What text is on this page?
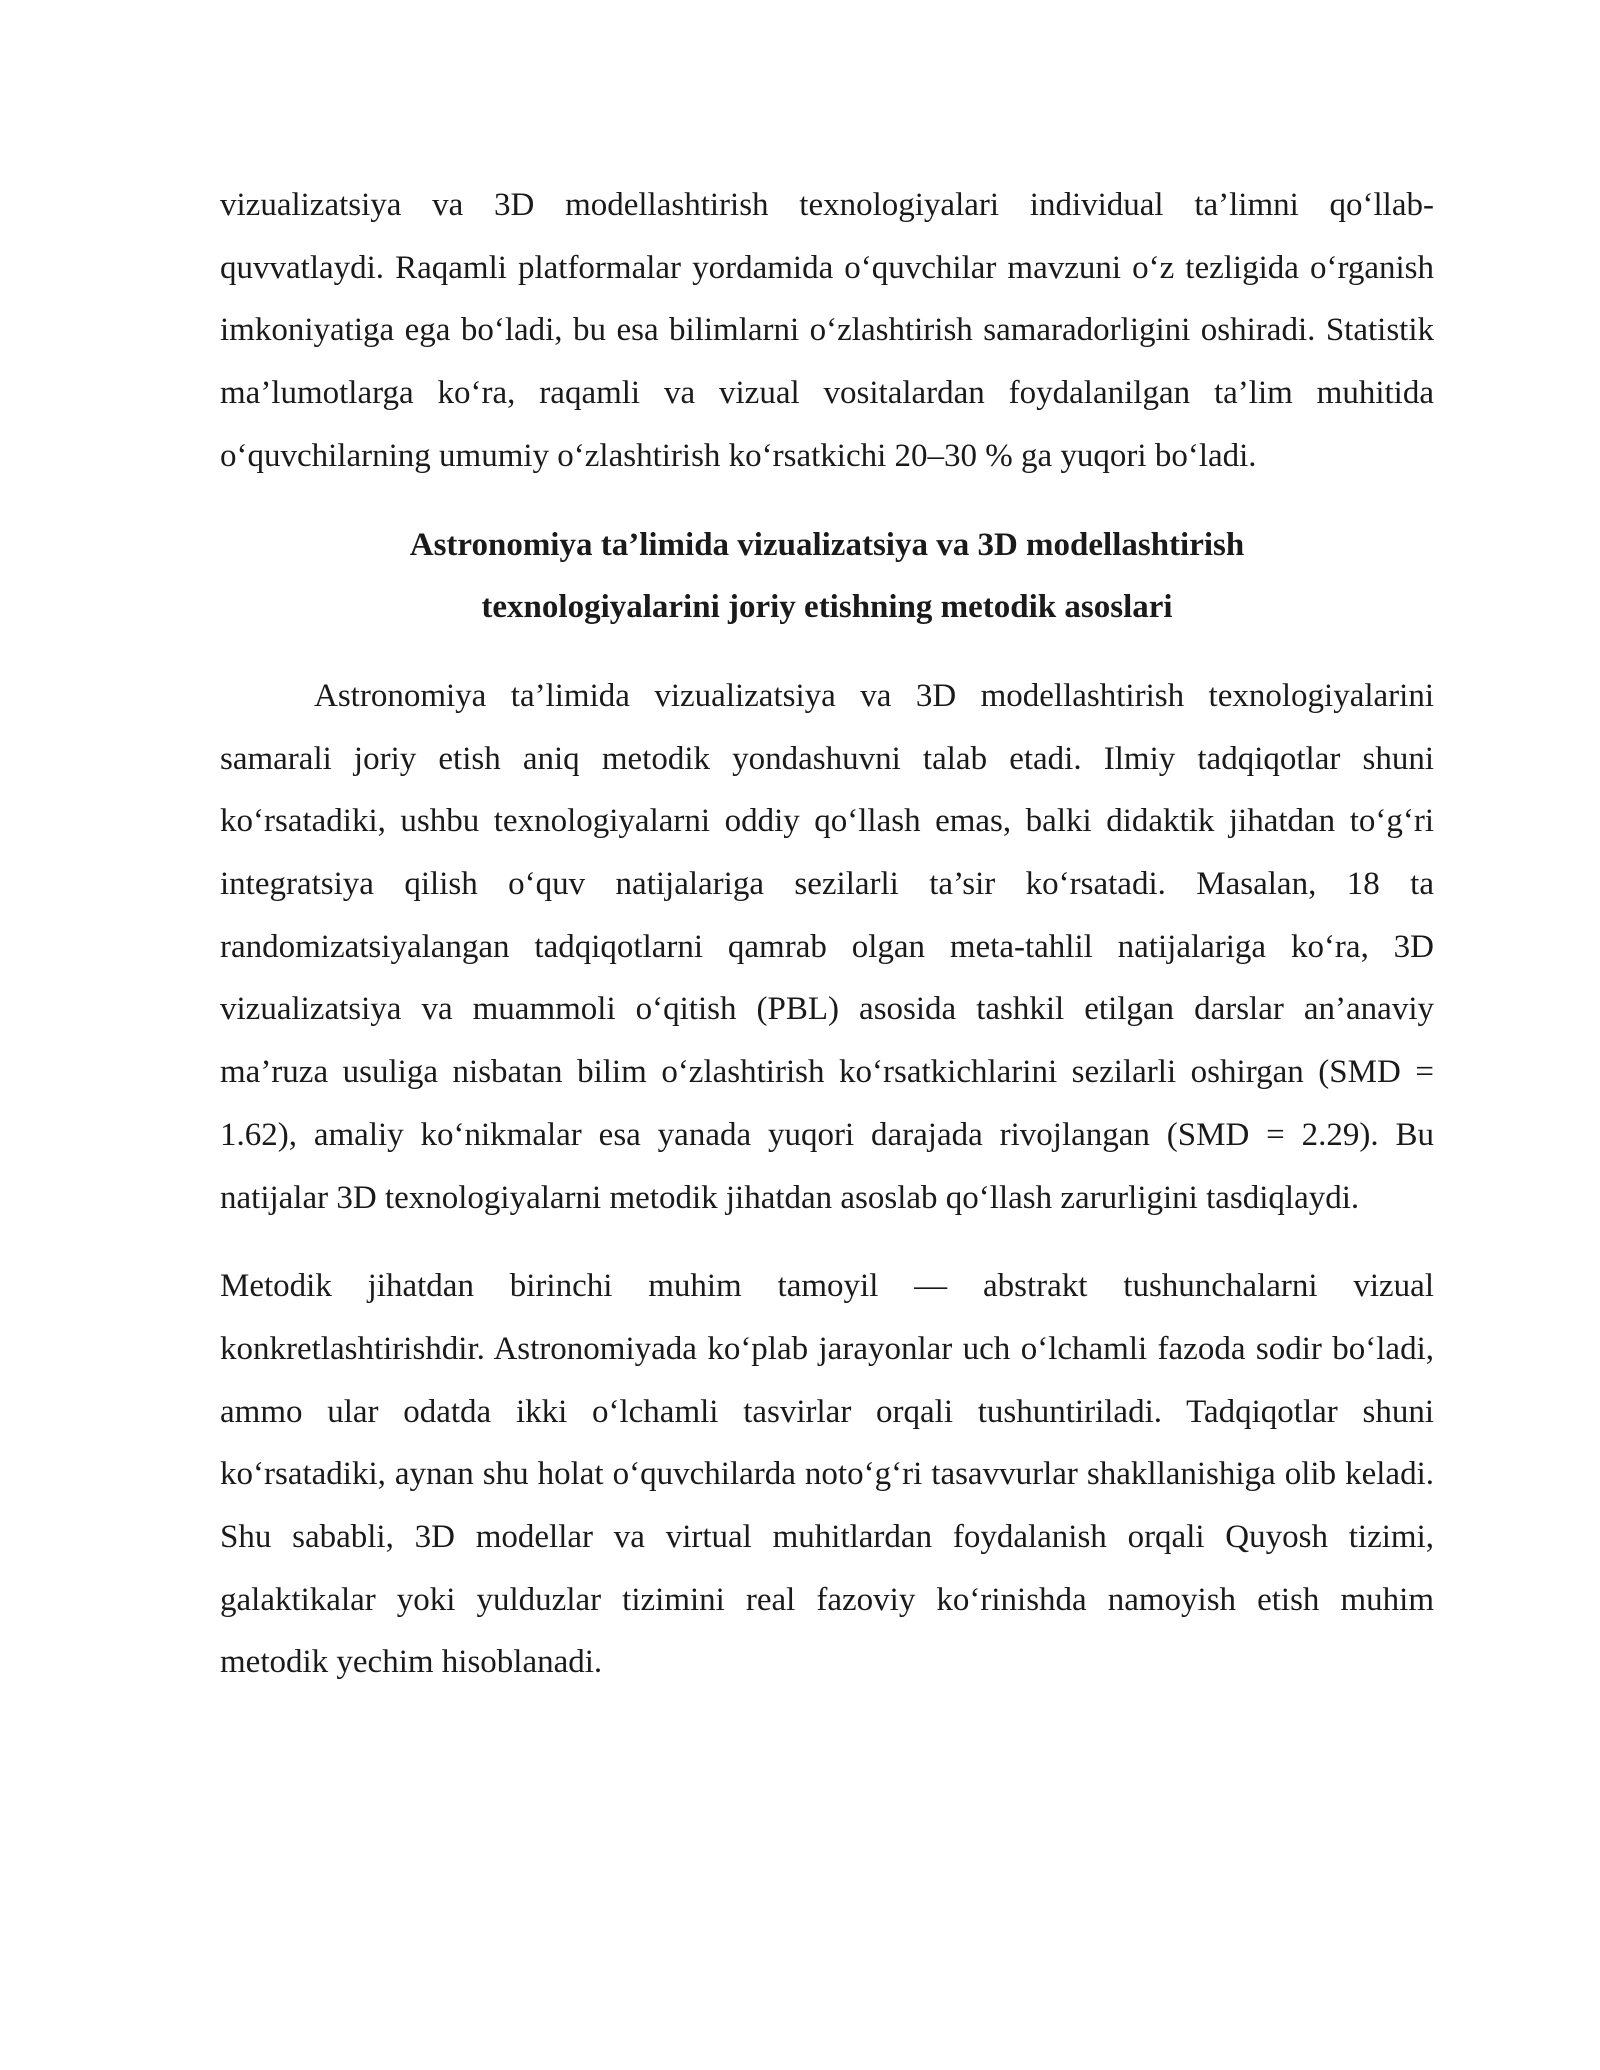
vizualizatsiya va 3D modellashtirish texnologiyalari individual ta’limni qo‘llab-quvvatlaydi. Raqamli platformalar yordamida o‘quvchilar mavzuni o‘z tezligida o‘rganish imkoniyatiga ega bo‘ladi, bu esa bilimlarni o‘zlashtirish samaradorligini oshiradi. Statistik ma’lumotlarga ko‘ra, raqamli va vizual vositalardan foydalanilgan ta’lim muhitida o‘quvchilarning umumiy o‘zlashtirish ko‘rsatkichi 20–30 % ga yuqori bo‘ladi.

Astronomiya ta’limida vizualizatsiya va 3D modellashtirish
texnologiyalarini joriy etishning metodik asoslari

Astronomiya ta’limida vizualizatsiya va 3D modellashtirish texnologiyalarini samarali joriy etish aniq metodik yondashuvni talab etadi. Ilmiy tadqiqotlar shuni ko‘rsatadiki, ushbu texnologiyalarni oddiy qo‘llash emas, balki didaktik jihatdan to‘g‘ri integratsiya qilish o‘quv natijalariga sezilarli ta’sir ko‘rsatadi. Masalan, 18 ta randomizatsiyalangan tadqiqotlarni qamrab olgan meta-tahlil natijalariga ko‘ra, 3D vizualizatsiya va muammoli o‘qitish (PBL) asosida tashkil etilgan darslar an’anaviy ma’ruza usuliga nisbatan bilim o‘zlashtirish ko‘rsatkichlarini sezilarli oshirgan (SMD = 1.62), amaliy ko‘nikmalar esa yanada yuqori darajada rivojlangan (SMD = 2.29). Bu natijalar 3D texnologiyalarni metodik jihatdan asoslab qo‘llash zarurligini tasdiqlaydi.

Metodik jihatdan birinchi muhim tamoyil — abstrakt tushunchalarni vizual konkretlashtirishdir. Astronomiyada ko‘plab jarayonlar uch o‘lchamli fazoda sodir bo‘ladi, ammo ular odatda ikki o‘lchamli tasvirlar orqali tushuntiriladi. Tadqiqotlar shuni ko‘rsatadiki, aynan shu holat o‘quvchilarda noto‘g‘ri tasavvurlar shakllanishiga olib keladi. Shu sababli, 3D modellar va virtual muhitlardan foydalanish orqali Quyosh tizimi, galaktikalar yoki yulduzlar tizimini real fazoviy ko‘rinishda namoyish etish muhim metodik yechim hisoblanadi.
